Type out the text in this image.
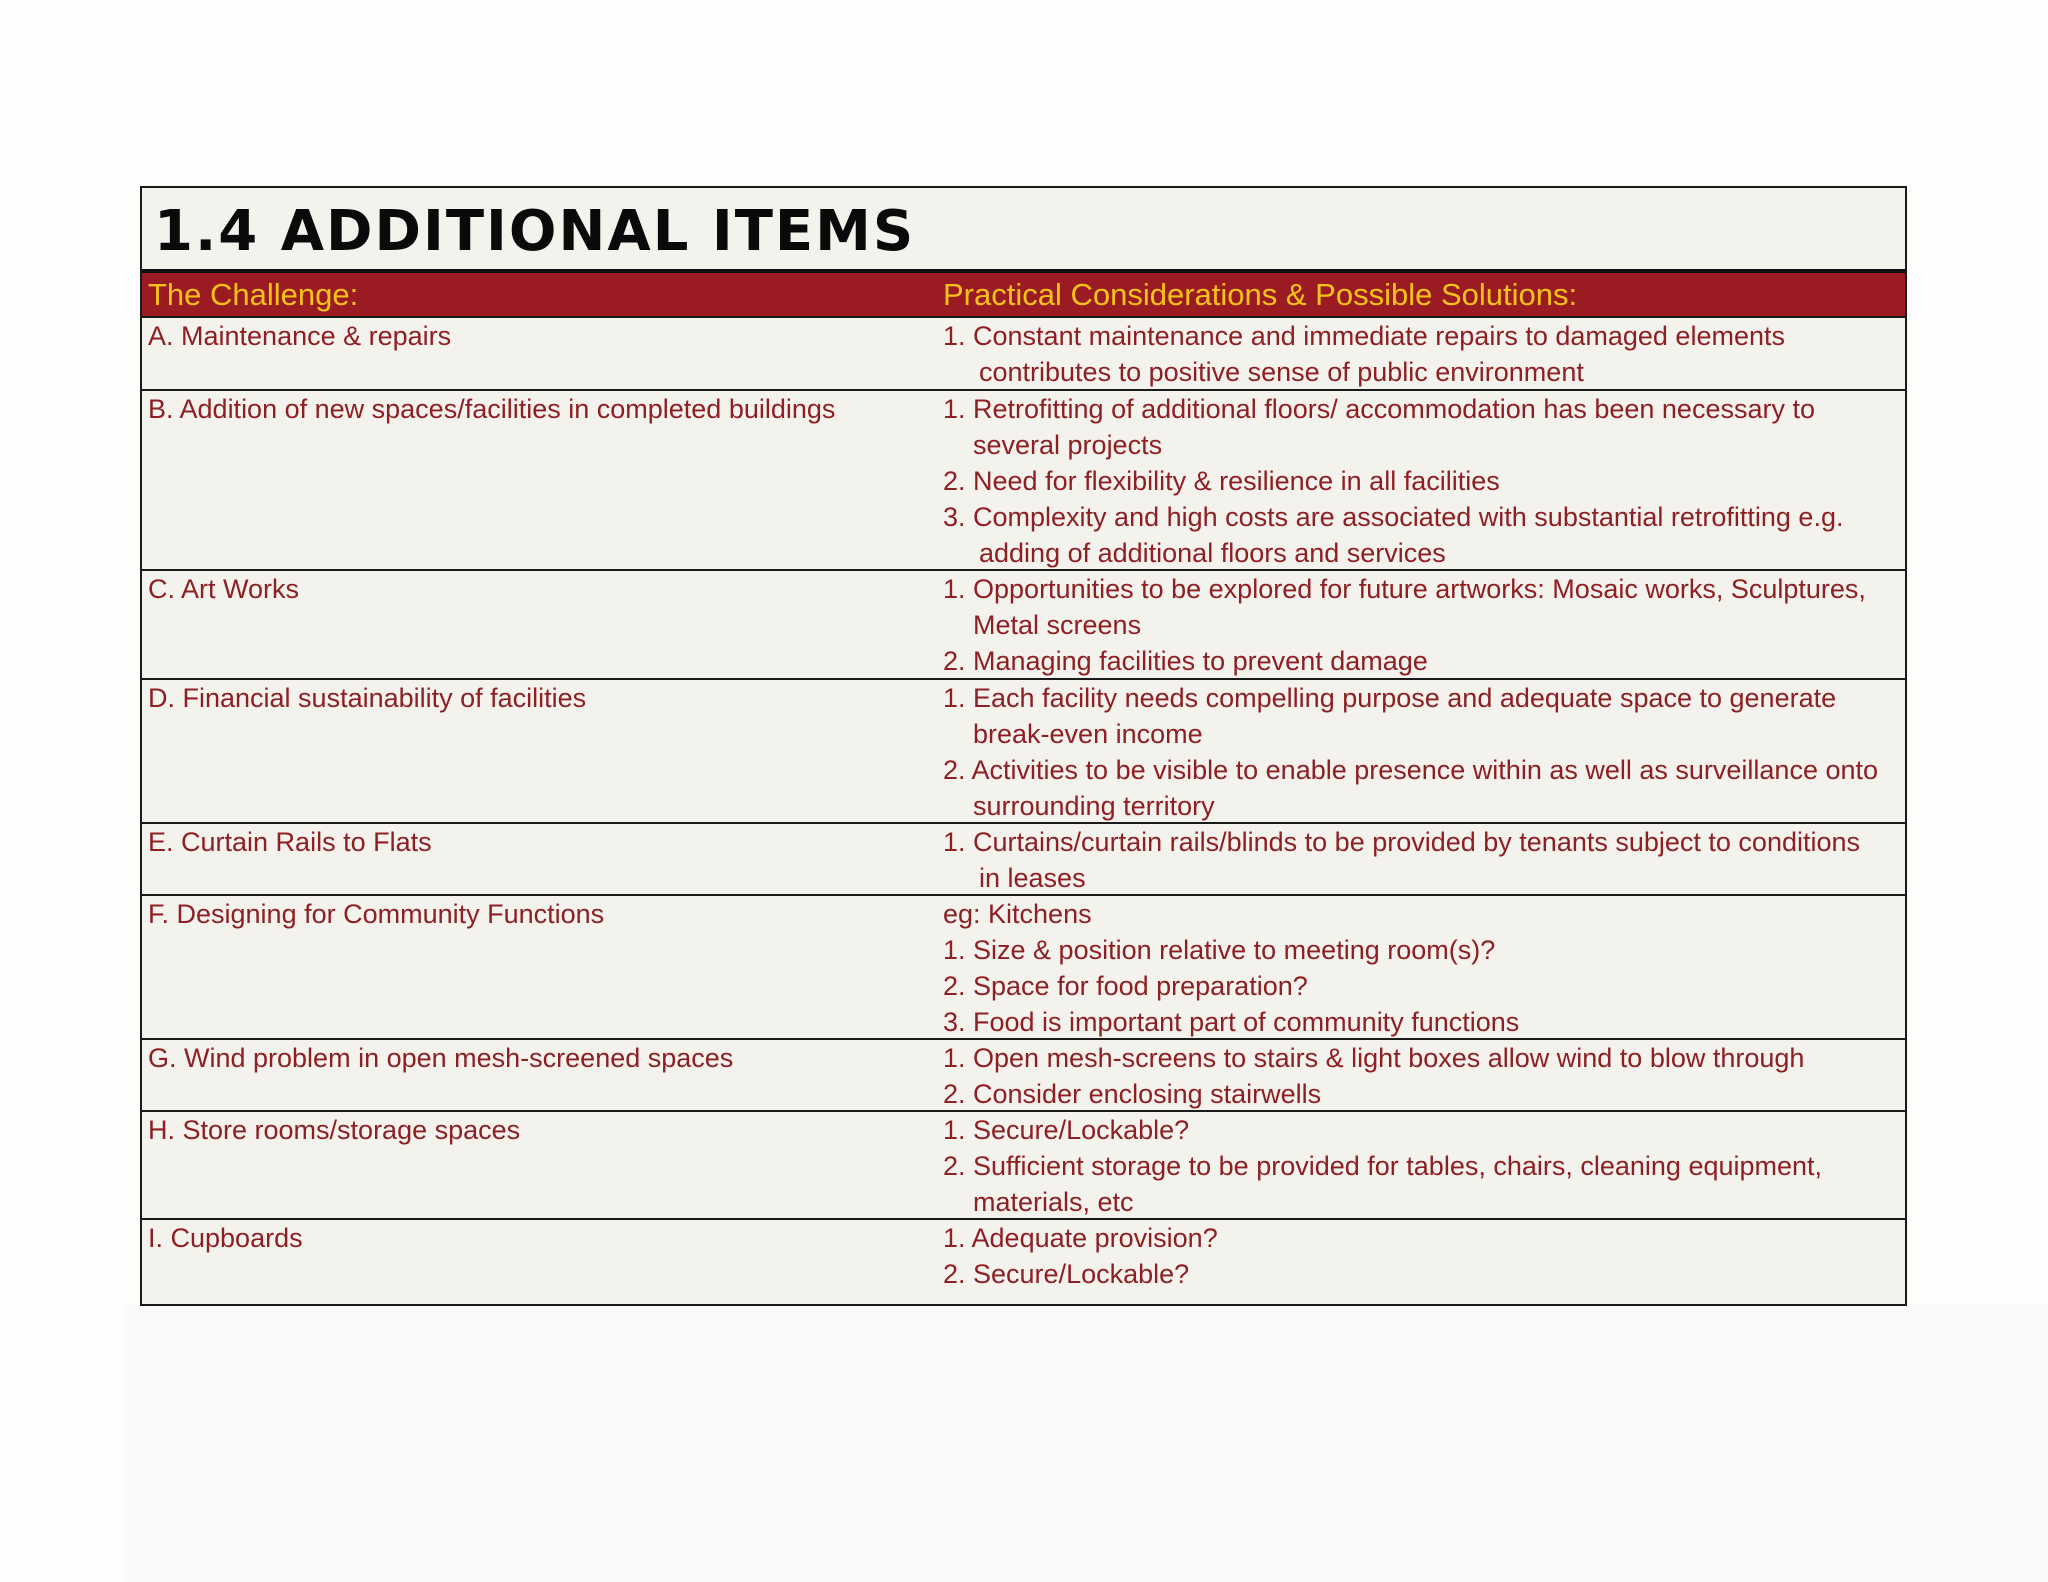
1.4 ADDITIONAL ITEMS
The Challenge:	Practical Considerations & Possible Solutions:
A. Maintenance & repairs	1. Constant maintenance and immediate repairs to damaged elements
contributes to positive sense of public environment
B. Addition of new spaces/facilities in completed buildings	1. Retrofitting of additional floors/ accommodation has been necessary to
several projects
2. Need for flexibility & resilience in all facilities
3. Complexity and high costs are associated with substantial retrofitting e.g.
adding of additional floors and services
C. Art Works	1. Opportunities to be explored for future artworks: Mosaic works, Sculptures,
Metal screens
2. Managing facilities to prevent damage
D. Financial sustainability of facilities	1. Each facility needs compelling purpose and adequate space to generate
break-even income
2. Activities to be visible to enable presence within as well as surveillance onto
surrounding territory
E. Curtain Rails to Flats	1. Curtains/curtain rails/blinds to be provided by tenants subject to conditions
in leases
F. Designing for Community Functions	eg: Kitchens
1. Size & position relative to meeting room(s)?
2. Space for food preparation?
3. Food is important part of community functions
G. Wind problem in open mesh-screened spaces	1. Open mesh-screens to stairs & light boxes allow wind to blow through
2. Consider enclosing stairwells
H. Store rooms/storage spaces	1. Secure/Lockable?
2. Sufficient storage to be provided for tables, chairs, cleaning equipment,
materials, etc
I. Cupboards	1. Adequate provision?
2. Secure/Lockable?
